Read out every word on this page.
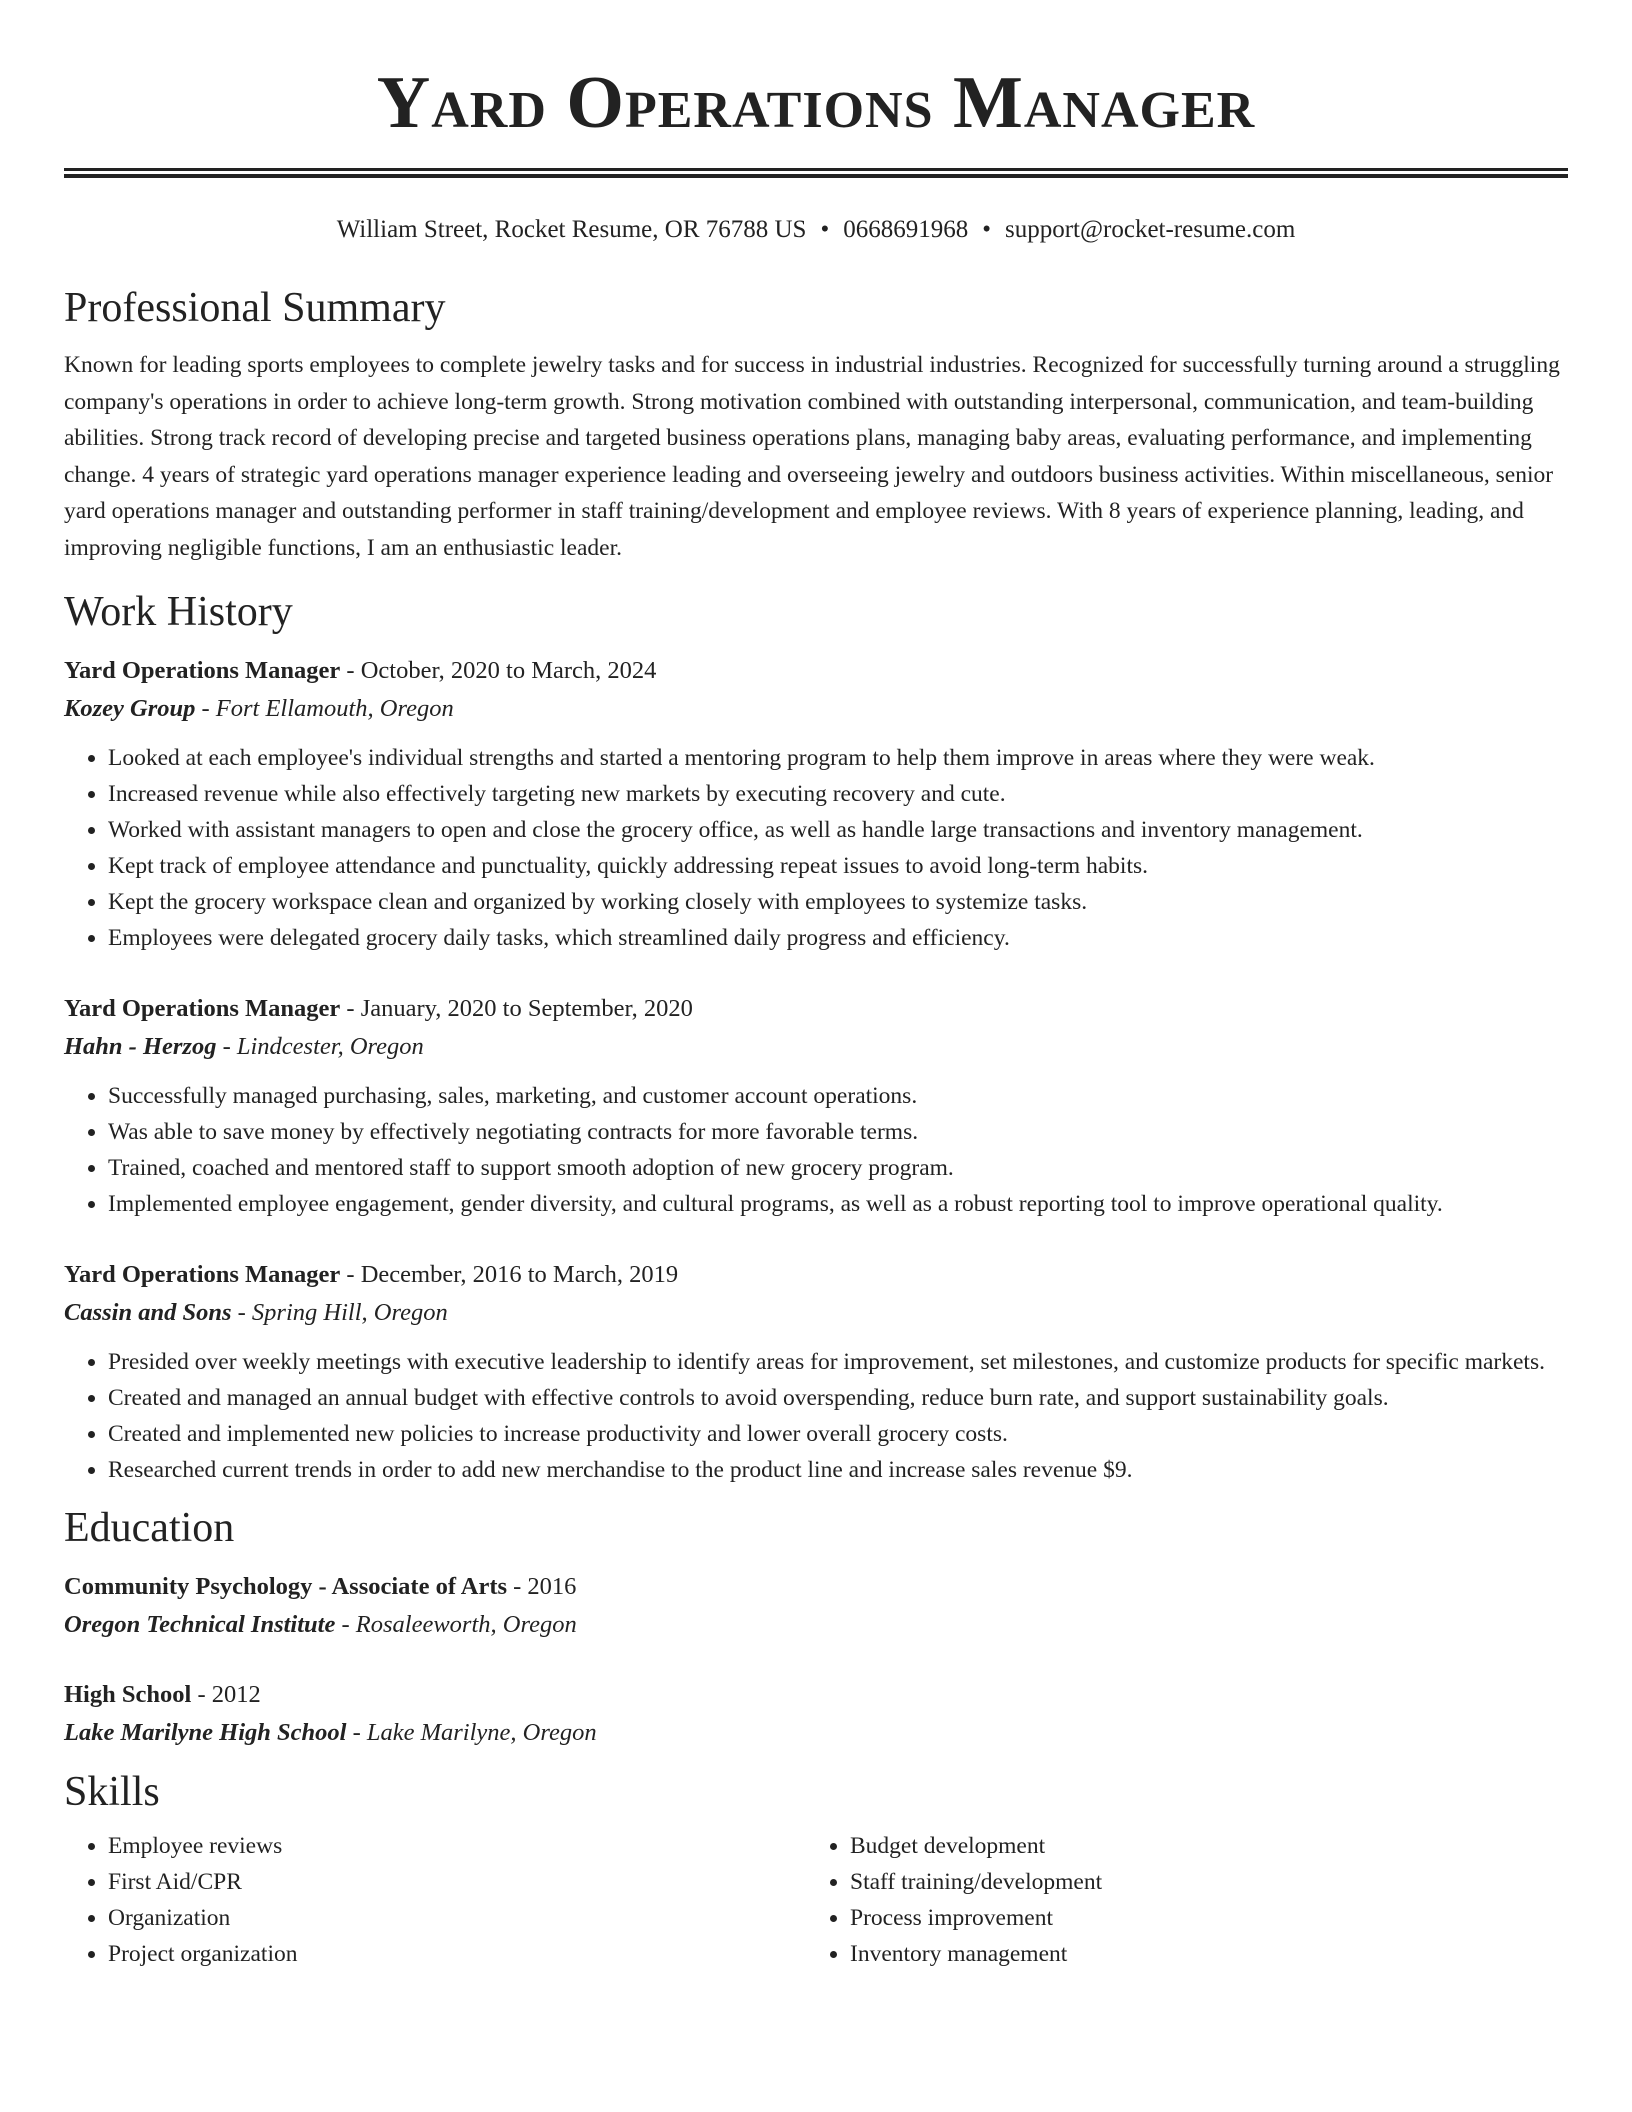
Yard Operations Manager
William Street, Rocket Resume, OR 76788 US • 0668691968 • support@rocket-resume.com
Professional Summary
Known for leading sports employees to complete jewelry tasks and for success in industrial industries. Recognized for successfully turning around a struggling company's operations in order to achieve long-term growth. Strong motivation combined with outstanding interpersonal, communication, and team-building abilities. Strong track record of developing precise and targeted business operations plans, managing baby areas, evaluating performance, and implementing change. 4 years of strategic yard operations manager experience leading and overseeing jewelry and outdoors business activities. Within miscellaneous, senior yard operations manager and outstanding performer in staff training/development and employee reviews. With 8 years of experience planning, leading, and improving negligible functions, I am an enthusiastic leader.
Work History
Yard Operations Manager - October, 2020 to March, 2024
Kozey Group - Fort Ellamouth, Oregon
• Looked at each employee's individual strengths and started a mentoring program to help them improve in areas where they were weak.
• Increased revenue while also effectively targeting new markets by executing recovery and cute.
• Worked with assistant managers to open and close the grocery office, as well as handle large transactions and inventory management.
• Kept track of employee attendance and punctuality, quickly addressing repeat issues to avoid long-term habits.
• Kept the grocery workspace clean and organized by working closely with employees to systemize tasks.
• Employees were delegated grocery daily tasks, which streamlined daily progress and efficiency.
Yard Operations Manager - January, 2020 to September, 2020
Hahn - Herzog - Lindcester, Oregon
• Successfully managed purchasing, sales, marketing, and customer account operations.
• Was able to save money by effectively negotiating contracts for more favorable terms.
• Trained, coached and mentored staff to support smooth adoption of new grocery program.
• Implemented employee engagement, gender diversity, and cultural programs, as well as a robust reporting tool to improve operational quality.
Yard Operations Manager - December, 2016 to March, 2019
Cassin and Sons - Spring Hill, Oregon
• Presided over weekly meetings with executive leadership to identify areas for improvement, set milestones, and customize products for specific markets.
• Created and managed an annual budget with effective controls to avoid overspending, reduce burn rate, and support sustainability goals.
• Created and implemented new policies to increase productivity and lower overall grocery costs.
• Researched current trends in order to add new merchandise to the product line and increase sales revenue $9.
Education
Community Psychology - Associate of Arts - 2016
Oregon Technical Institute - Rosaleeworth, Oregon
High School - 2012
Lake Marilyne High School - Lake Marilyne, Oregon
Skills
• Employee reviews
• First Aid/CPR
• Organization
• Project organization
• Budget development
• Staff training/development
• Process improvement
• Inventory management
